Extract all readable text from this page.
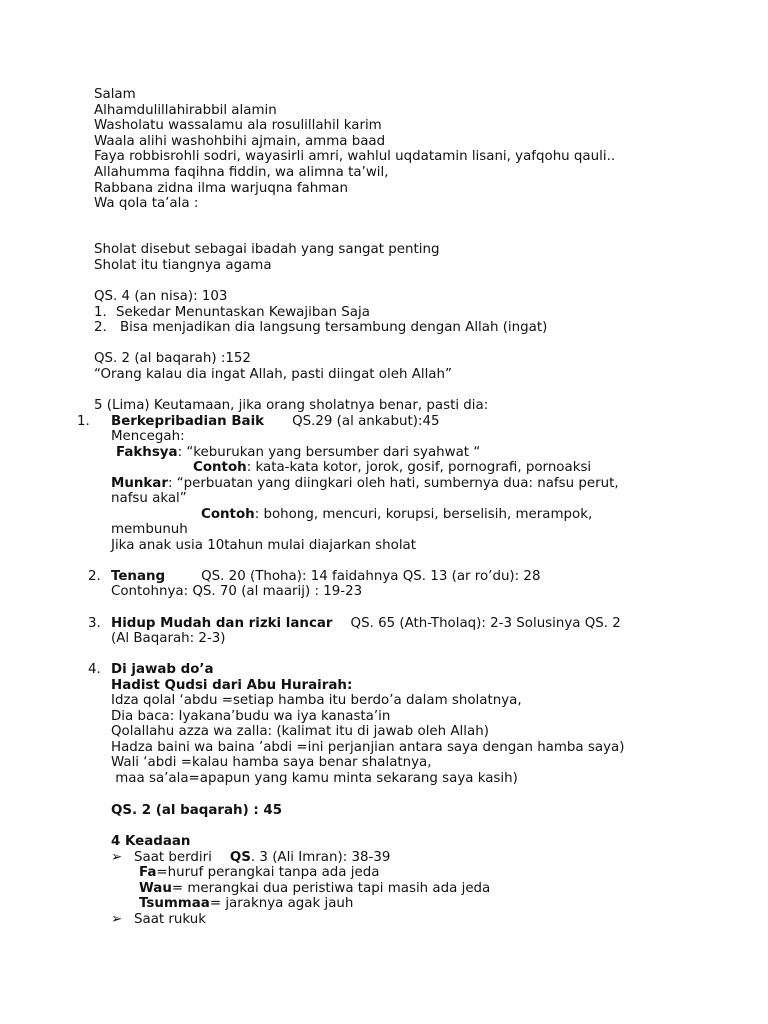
Salam
Alhamdulillahirabbil alamin
Washolatu wassalamu ala rosulillahil karim
Waala alihi washohbihi ajmain, amma baad
Faya robbisrohli sodri, wayasirli amri, wahlul uqdatamin lisani, yafqohu qauli..
Allahumma faqihna fiddin, wa alimna ta’wil,
Rabbana zidna ilma warjuqna fahman
Wa qola ta’ala :
Sholat disebut sebagai ibadah yang sangat penting
Sholat itu tiangnya agama
QS. 4 (an nisa): 103
1. Sekedar Menuntaskan Kewajiban Saja
2. Bisa menjadikan dia langsung tersambung dengan Allah (ingat)
QS. 2 (al baqarah) :152
“Orang kalau dia ingat Allah, pasti diingat oleh Allah”
5 (Lima) Keutamaan, jika orang sholatnya benar, pasti dia:
1. Berkepribadian Baik QS.29 (al ankabut):45
Mencegah:
Fakhsya: “keburukan yang bersumber dari syahwat “
Contoh: kata-kata kotor, jorok, gosif, pornografi, pornoaksi
Munkar: “perbuatan yang diingkari oleh hati, sumbernya dua: nafsu perut,
nafsu akal”
Contoh: bohong, mencuri, korupsi, berselisih, merampok,
membunuh
Jika anak usia 10tahun mulai diajarkan sholat
2. Tenang	QS. 20 (Thoha): 14 faidahnya QS. 13 (ar ro’du): 28
Contohnya: QS. 70 (al maarij) : 19-23
3. Hidup Mudah dan rizki lancar QS. 65 (Ath-Tholaq): 2-3 Solusinya QS. 2
(Al Baqarah: 2-3)
4. Di jawab do’a
Hadist Qudsi dari Abu Hurairah:
Idza qolal ‘abdu =setiap hamba itu berdo’a dalam sholatnya,
Dia baca: Iyakana’budu wa iya kanasta’in
Qolallahu azza wa zalla: (kalimat itu di jawab oleh Allah)
Hadza baini wa baina ’abdi =ini perjanjian antara saya dengan hamba saya)
Wali ‘abdi =kalau hamba saya benar shalatnya,
maa sa’ala=apapun yang kamu minta sekarang saya kasih)
QS. 2 (al baqarah) : 45
4 Keadaan
➢ Saat berdiri QS. 3 (Ali Imran): 38-39
Fa=huruf perangkai tanpa ada jeda
Wau= merangkai dua peristiwa tapi masih ada jeda
Tsummaa= jaraknya agak jauh
➢ Saat rukuk
